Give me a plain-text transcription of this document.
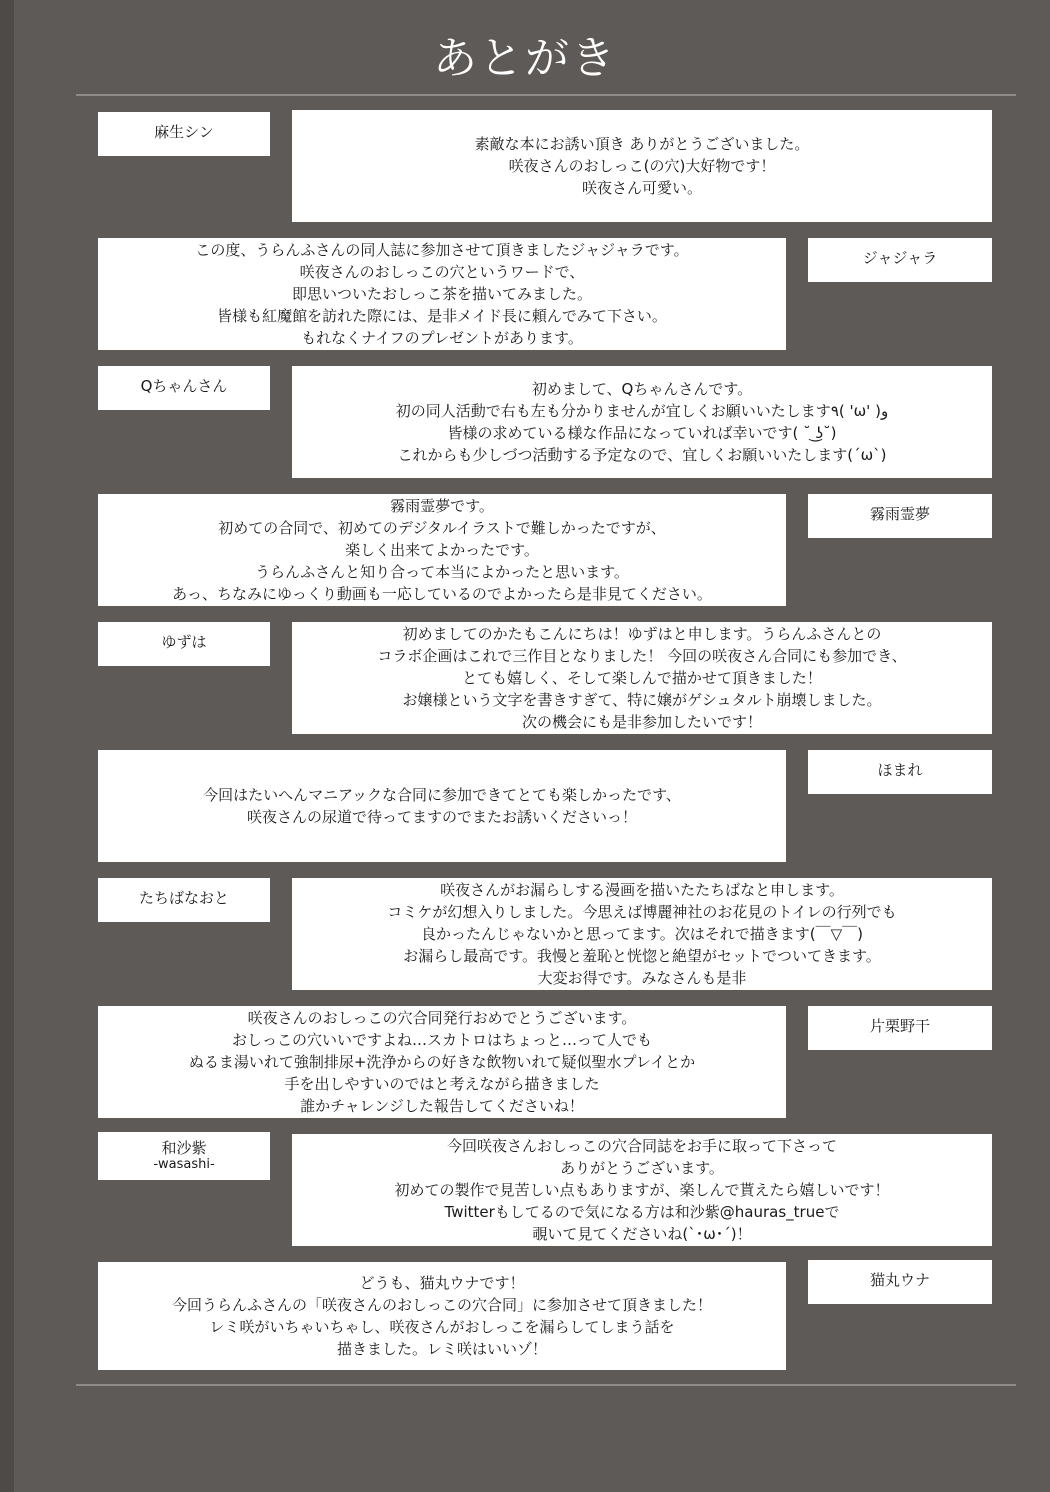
あとがき
麻生シン
素敵な本にお誘い頂き ありがとうございました。
咲夜さんのおしっこ(の穴)大好物です！
咲夜さん可愛い。
この度、うらんふさんの同人誌に参加させて頂きましたジャジャラです。
咲夜さんのおしっこの穴というワードで、
即思いついたおしっこ茶を描いてみました。
皆様も紅魔館を訪れた際には、是非メイド長に頼んでみて下さい。
もれなくナイフのプレゼントがあります。
ジャジャラ
Qちゃんさん	初めまして、Qちゃんさんです。
初の同人活動で右も左も分かりませんが宜しくお願いいたします٩( 'ω' )و
皆様の求めている様な作品になっていれば幸いです( ˘ ͜ʖ˘)
これからも少しづつ活動する予定なので、宜しくお願いいたします(´ω`)
霧雨霊夢です。
初めての合同で、初めてのデジタルイラストで難しかったですが、
楽しく出来てよかったです。
うらんふさんと知り合って本当によかったと思います。
あっ、ちなみにゆっくり動画も一応しているのでよかったら是非見てください。
霧雨霊夢
ゆずは	初めましてのかたもこんにちは！ゆずはと申します。うらんふさんとの
コラボ企画はこれで三作目となりました！ 今回の咲夜さん合同にも参加でき、
とても嬉しく、そして楽しんで描かせて頂きました！
お嬢様という文字を書きすぎて、特に嬢がゲシュタルト崩壊しました。
次の機会にも是非参加したいです！
今回はたいへんマニアックな合同に参加できてとても楽しかったです、
咲夜さんの尿道で待ってますのでまたお誘いくださいっ！
ほまれ
たちばなおと	咲夜さんがお漏らしする漫画を描いたたちばなと申します。
コミケが幻想入りしました。今思えば博麗神社のお花見のトイレの行列でも
良かったんじゃないかと思ってます。次はそれで描きます(￣▽￣)
お漏らし最高です。我慢と羞恥と恍惚と絶望がセットでついてきます。
大変お得です。みなさんも是非
咲夜さんのおしっこの穴合同発行おめでとうございます。
おしっこの穴いいですよね…スカトロはちょっと…って人でも
ぬるま湯いれて強制排尿+洗浄からの好きな飲物いれて疑似聖水プレイとか
手を出しやすいのではと考えながら描きました
誰かチャレンジした報告してくださいね！
片栗野干
和沙紫
-wasashi-
今回咲夜さんおしっこの穴合同誌をお手に取って下さって
ありがとうございます。
初めての製作で見苦しい点もありますが、楽しんで貰えたら嬉しいです！
Twitterもしてるので気になる方は和沙紫@hauras_trueで
覗いて見てくださいね(`･ω･´)！
どうも、猫丸ウナです！
今回うらんふさんの「咲夜さんのおしっこの穴合同」に参加させて頂きました！
レミ咲がいちゃいちゃし、咲夜さんがおしっこを漏らしてしまう話を
描きました。レミ咲はいいゾ！
猫丸ウナ
